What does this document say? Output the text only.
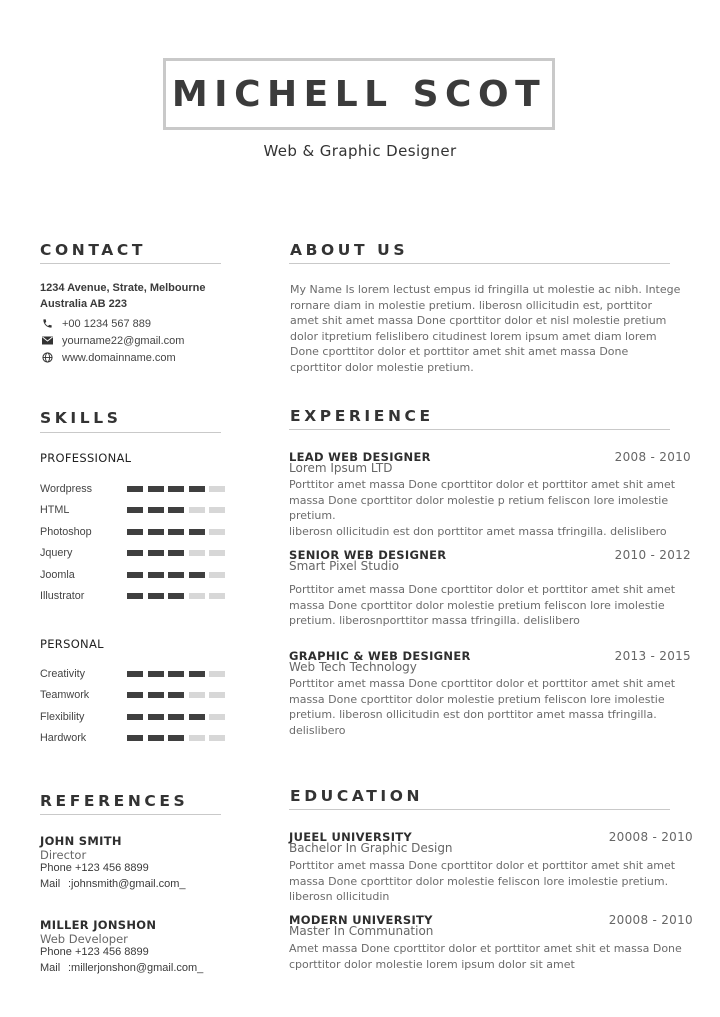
MICHELL SCOT
Web & Graphic Designer
CONTACT
1234 Avenue, Strate, Melbourne
Australia AB 223
+00 1234 567 889
yourname22@gmail.com
www.domainname.com
ABOUT US
My Name Is lorem lectust empus id fringilla ut molestie ac nibh. Intege rornare diam in molestie pretium. liberosn ollicitudin est, porttitor amet shit amet massa Done cporttitor dolor et nisl molestie pretium dolor itpretium felislibero citudinest lorem ipsum amet diam lorem Done cporttitor dolor et porttitor amet shit amet massa Done cporttitor dolor molestie pretium.
SKILLS
PROFESSIONAL
Wordpress
HTML
Photoshop
Jquery
Joomla
Illustrator
PERSONAL
Creativity
Teamwork
Flexibility
Hardwork
EXPERIENCE
LEAD WEB DESIGNER	2008 - 2010
Lorem Ipsum LTD
Porttitor amet massa Done cporttitor dolor et porttitor amet shit amet massa Done cporttitor dolor molestie p retium feliscon lore imolestie pretium.
liberosn ollicitudin est don porttitor amet massa tfringilla. delislibero
SENIOR WEB DESIGNER	2010 - 2012
Smart Pixel Studio
Porttitor amet massa Done cporttitor dolor et porttitor amet shit amet massa Done cporttitor dolor molestie pretium feliscon lore imolestie pretium. liberosnporttitor massa tfringilla. delislibero
GRAPHIC & WEB DESIGNER	2013 - 2015
Web Tech Technology
Porttitor amet massa Done cporttitor dolor et porttitor amet shit amet massa Done cporttitor dolor molestie pretium feliscon lore imolestie pretium. liberosn ollicitudin est don porttitor amet massa tfringilla. delislibero
REFERENCES
JOHN SMITH
Director
Phone +123 456 8899
Mail :johnsmith@gmail.com_
MILLER JONSHON
Web Developer
Phone +123 456 8899
Mail :millerjonshon@gmail.com_
EDUCATION
JUEEL UNIVERSITY	20008 - 2010
Bachelor In Graphic Design
Porttitor amet massa Done cporttitor dolor et porttitor amet shit amet massa Done cporttitor dolor molestie feliscon lore imolestie pretium. liberosn ollicitudin
MODERN UNIVERSITY	20008 - 2010
Master In Communation
Amet massa Done cporttitor dolor et porttitor amet shit et massa Done cporttitor dolor molestie lorem ipsum dolor sit amet
